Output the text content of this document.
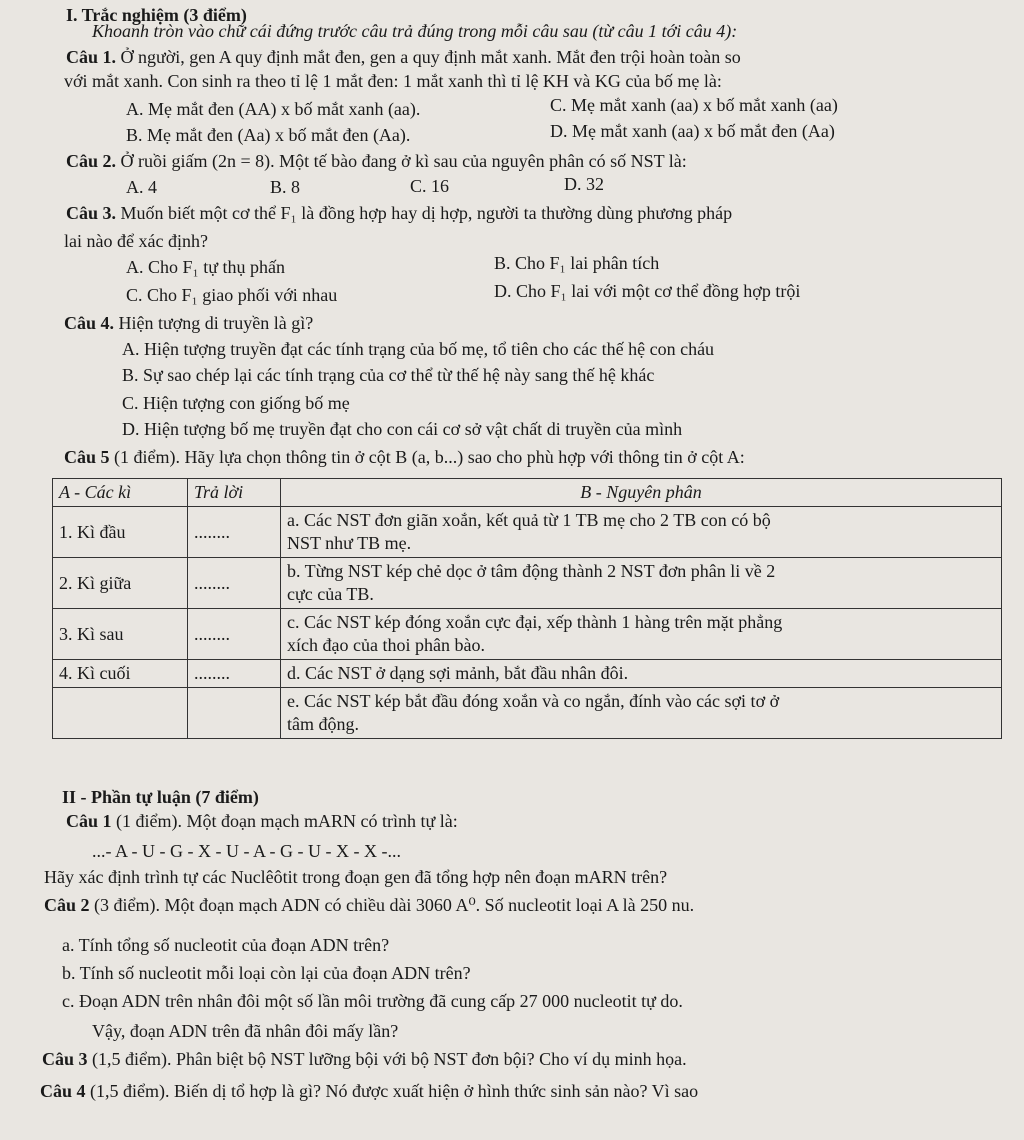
I. Trắc nghiệm (3 điểm)
Khoanh tròn vào chữ cái đứng trước câu trả đúng trong mỗi câu sau (từ câu 1 tới câu 4):
Câu 1. Ở người, gen A quy định mắt đen, gen a quy định mắt xanh. Mắt đen trội hoàn toàn so
với mắt xanh. Con sinh ra theo tỉ lệ 1 mắt đen: 1 mắt xanh thì tỉ lệ KH và KG của bố mẹ là:
A. Mẹ mắt đen (AA) x bố mắt xanh (aa).	C. Mẹ mắt xanh (aa) x bố mắt xanh (aa)
B. Mẹ mắt đen (Aa) x bố mắt đen (Aa).	D. Mẹ mắt xanh (aa) x bố mắt đen (Aa)
Câu 2. Ở ruồi giấm (2n = 8). Một tế bào đang ở kì sau của nguyên phân có số NST là:
A. 4	B. 8	C. 16	D. 32
Câu 3. Muốn biết một cơ thể F₁ là đồng hợp hay dị hợp, người ta thường dùng phương pháp
lai nào để xác định?
A. Cho F₁ tự thụ phấn	B. Cho F₁ lai phân tích
C. Cho F₁ giao phối với nhau	D. Cho F₁ lai với một cơ thể đồng hợp trội
Câu 4. Hiện tượng di truyền là gì?
A. Hiện tượng truyền đạt các tính trạng của bố mẹ, tổ tiên cho các thế hệ con cháu
B. Sự sao chép lại các tính trạng của cơ thể từ thế hệ này sang thế hệ khác
C. Hiện tượng con giống bố mẹ
D. Hiện tượng bố mẹ truyền đạt cho con cái cơ sở vật chất di truyền của mình
Câu 5 (1 điểm). Hãy lựa chọn thông tin ở cột B (a, b...) sao cho phù hợp với thông tin ở cột A:
A - Các kì	Trả lời	B - Nguyên phân
1. Kì đầu	........	a. Các NST đơn giãn xoắn, kết quả từ 1 TB mẹ cho 2 TB con có bộ
NST như TB mẹ.
2. Kì giữa	........	b. Từng NST kép chẻ dọc ở tâm động thành 2 NST đơn phân li về 2
cực của TB.
3. Kì sau	........	c. Các NST kép đóng xoắn cực đại, xếp thành 1 hàng trên mặt phẳng
xích đạo của thoi phân bào.
4. Kì cuối	........	d. Các NST ở dạng sợi mảnh, bắt đầu nhân đôi.
		e. Các NST kép bắt đầu đóng xoắn và co ngắn, đính vào các sợi tơ ở
tâm động.
II - Phần tự luận (7 điểm)
Câu 1 (1 điểm). Một đoạn mạch mARN có trình tự là:
...- A - U - G - X - U - A - G - U - X - X -...
Hãy xác định trình tự các Nuclêôtit trong đoạn gen đã tổng hợp nên đoạn mARN trên?
Câu 2 (3 điểm). Một đoạn mạch ADN có chiều dài 3060 A⁰. Số nucleotit loại A là 250 nu.
a. Tính tổng số nucleotit của đoạn ADN trên?
b. Tính số nucleotit mỗi loại còn lại của đoạn ADN trên?
c. Đoạn ADN trên nhân đôi một số lần môi trường đã cung cấp 27 000 nucleotit tự do.
Vậy, đoạn ADN trên đã nhân đôi mấy lần?
Câu 3 (1,5 điểm). Phân biệt bộ NST lưỡng bội với bộ NST đơn bội? Cho ví dụ minh họa.
Câu 4 (1,5 điểm). Biến dị tổ hợp là gì? Nó được xuất hiện ở hình thức sinh sản nào? Vì sao
